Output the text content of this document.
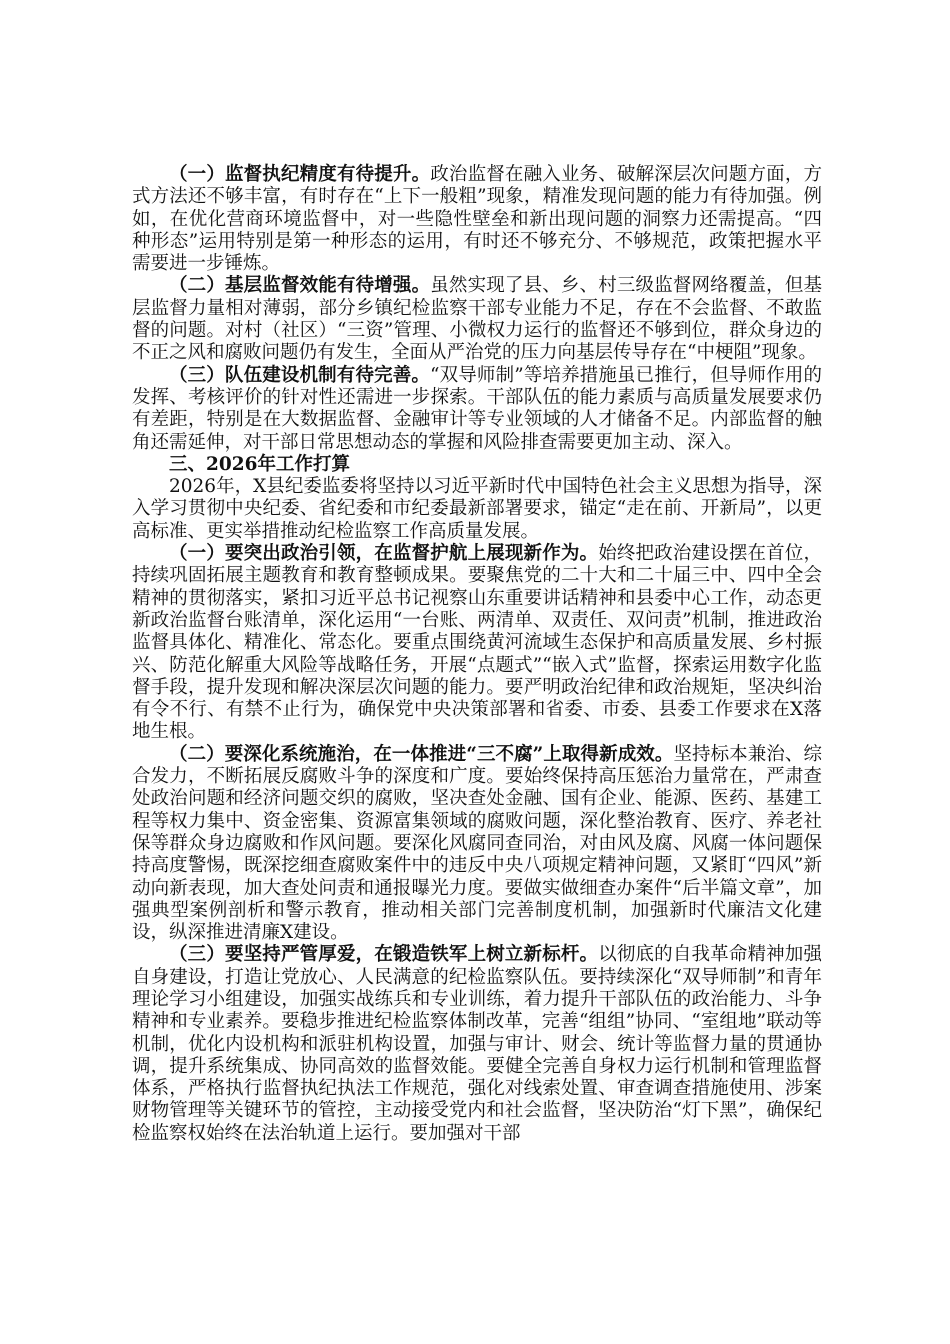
（一）监督执纪精度有待提升。政治监督在融入业务、破解深层次问题方面，方式方法还不够丰富，有时存在“上下一般粗”现象，精准发现问题的能力有待加强。例如，在优化营商环境监督中，对一些隐性壁垒和新出现问题的洞察力还需提高。“四种形态”运用特别是第一种形态的运用，有时还不够充分、不够规范，政策把握水平需要进一步锤炼。

（二）基层监督效能有待增强。虽然实现了县、乡、村三级监督网络覆盖，但基层监督力量相对薄弱，部分乡镇纪检监察干部专业能力不足，存在不会监督、不敢监督的问题。对村（社区）“三资”管理、小微权力运行的监督还不够到位，群众身边的不正之风和腐败问题仍有发生，全面从严治党的压力向基层传导存在“中梗阻”现象。

（三）队伍建设机制有待完善。“双导师制”等培养措施虽已推行，但导师作用的发挥、考核评价的针对性还需进一步探索。干部队伍的能力素质与高质量发展要求仍有差距，特别是在大数据监督、金融审计等专业领域的人才储备不足。内部监督的触角还需延伸，对干部日常思想动态的掌握和风险排查需要更加主动、深入。

三、2026年工作打算

2026年，X县纪委监委将坚持以习近平新时代中国特色社会主义思想为指导，深入学习贯彻中央纪委、省纪委和市纪委最新部署要求，锚定“走在前、开新局”，以更高标准、更实举措推动纪检监察工作高质量发展。

（一）要突出政治引领，在监督护航上展现新作为。始终把政治建设摆在首位，持续巩固拓展主题教育和教育整顿成果。要聚焦党的二十大和二十届三中、四中全会精神的贯彻落实，紧扣习近平总书记视察山东重要讲话精神和县委中心工作，动态更新政治监督台账清单，深化运用“一台账、两清单、双责任、双问责”机制，推进政治监督具体化、精准化、常态化。要重点围绕黄河流域生态保护和高质量发展、乡村振兴、防范化解重大风险等战略任务，开展“点题式”“嵌入式”监督，探索运用数字化监督手段，提升发现和解决深层次问题的能力。要严明政治纪律和政治规矩，坚决纠治有令不行、有禁不止行为，确保党中央决策部署和省委、市委、县委工作要求在X落地生根。

（二）要深化系统施治，在一体推进“三不腐”上取得新成效。坚持标本兼治、综合发力，不断拓展反腐败斗争的深度和广度。要始终保持高压惩治力量常在，严肃查处政治问题和经济问题交织的腐败，坚决查处金融、国有企业、能源、医药、基建工程等权力集中、资金密集、资源富集领域的腐败问题，深化整治教育、医疗、养老社保等群众身边腐败和作风问题。要深化风腐同查同治，对由风及腐、风腐一体问题保持高度警惕，既深挖细查腐败案件中的违反中央八项规定精神问题，又紧盯“四风”新动向新表现，加大查处问责和通报曝光力度。要做实做细查办案件“后半篇文章”，加强典型案例剖析和警示教育，推动相关部门完善制度机制，加强新时代廉洁文化建设，纵深推进清廉X建设。

（三）要坚持严管厚爱，在锻造铁军上树立新标杆。以彻底的自我革命精神加强自身建设，打造让党放心、人民满意的纪检监察队伍。要持续深化“双导师制”和青年理论学习小组建设，加强实战练兵和专业训练，着力提升干部队伍的政治能力、斗争精神和专业素养。要稳步推进纪检监察体制改革，完善“组组”协同、“室组地”联动等机制，优化内设机构和派驻机构设置，加强与审计、财会、统计等监督力量的贯通协调，提升系统集成、协同高效的监督效能。要健全完善自身权力运行机制和管理监督体系，严格执行监督执纪执法工作规范，强化对线索处置、审查调查措施使用、涉案财物管理等关键环节的管控，主动接受党内和社会监督，坚决防治“灯下黑”，确保纪检监察权始终在法治轨道上运行。要加强对干部
